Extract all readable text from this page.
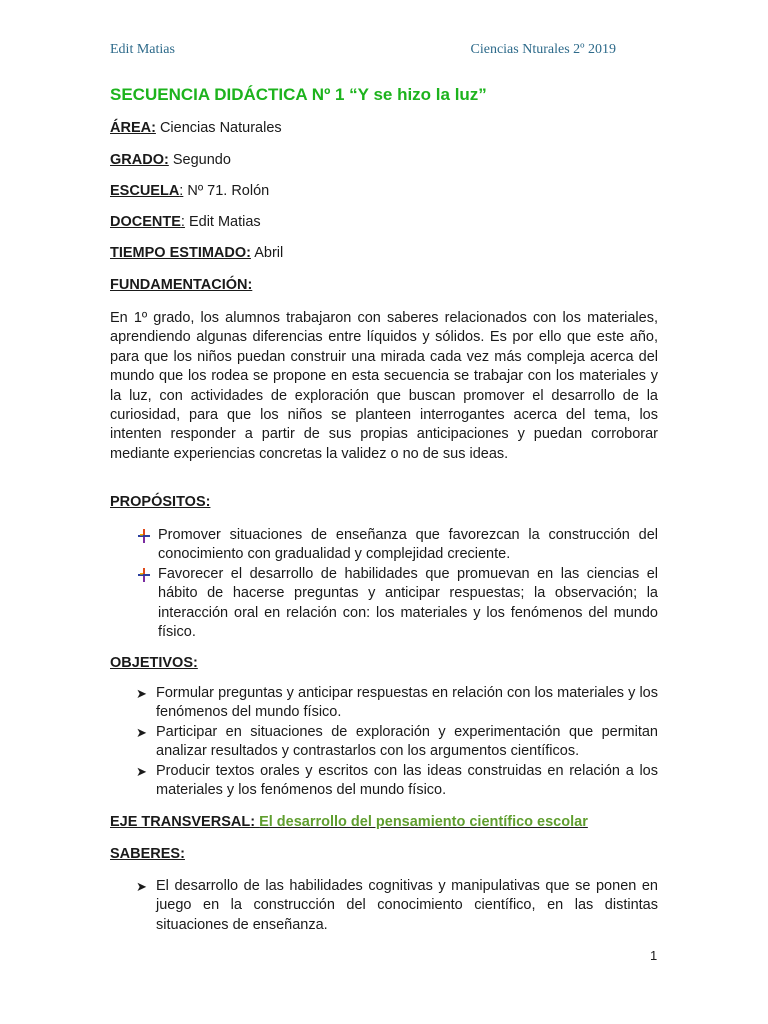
Edit Matias	Ciencias Nturales 2º 2019
SECUENCIA DIDÁCTICA Nº 1 “Y se hizo la luz”
ÁREA: Ciencias Naturales
GRADO: Segundo
ESCUELA: Nº 71. Rolón
DOCENTE: Edit Matias
TIEMPO ESTIMADO: Abril
FUNDAMENTACIÓN:

En 1º grado, los alumnos trabajaron con saberes relacionados con los materiales, aprendiendo algunas diferencias entre líquidos y sólidos. Es por ello que este año, para que los niños puedan construir una mirada cada vez más compleja acerca del mundo que los rodea se propone en esta secuencia se trabajar con los materiales y la luz, con actividades de exploración que buscan promover el desarrollo de la curiosidad, para que los niños se planteen interrogantes acerca del tema, los intenten responder a partir de sus propias anticipaciones y puedan corroborar mediante experiencias concretas la validez o no de sus ideas.

PROPÓSITOS:
Promover situaciones de enseñanza que favorezcan la construcción del conocimiento con gradualidad y complejidad creciente.
Favorecer el desarrollo de habilidades que promuevan en las ciencias el hábito de hacerse preguntas y anticipar respuestas; la observación; la interacción oral en relación con: los materiales y los fenómenos del mundo físico.
OBJETIVOS:
➤ Formular preguntas y anticipar respuestas en relación con los materiales y los fenómenos del mundo físico.
➤ Participar en situaciones de exploración y experimentación que permitan analizar resultados y contrastarlos con los argumentos científicos.
➤ Producir textos orales y escritos con las ideas construidas en relación a los materiales y los fenómenos del mundo físico.
EJE TRANSVERSAL: El desarrollo del pensamiento científico escolar
SABERES:
➤ El desarrollo de las habilidades cognitivas y manipulativas que se ponen en juego en la construcción del conocimiento científico, en las distintas situaciones de enseñanza.
1
